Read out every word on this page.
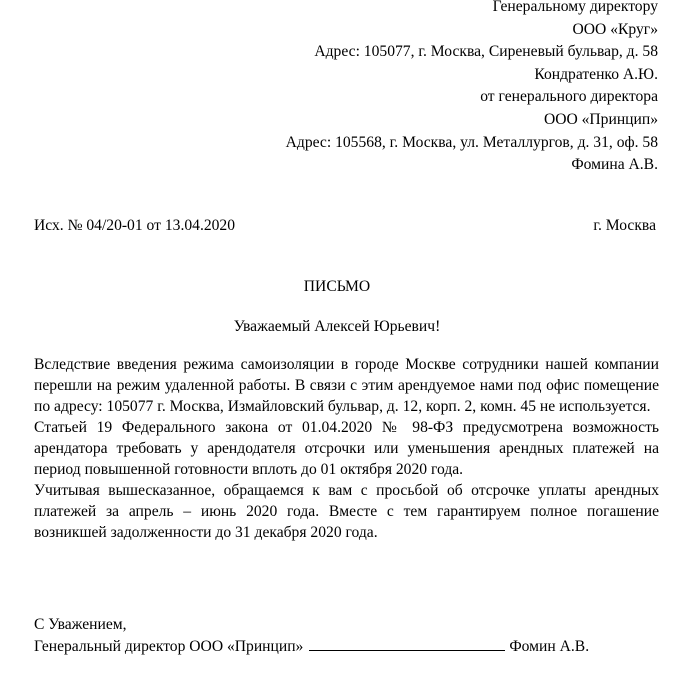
Генеральному директору
ООО «Круг»
Адрес: 105077, г. Москва, Сиреневый бульвар, д. 58
Кондратенко А.Ю.
от генерального директора
ООО «Принцип»
Адрес: 105568, г. Москва, ул. Металлургов, д. 31, оф. 58
Фомина А.В.
Исх. № 04/20-01 от 13.04.2020	г. Москва
ПИСЬМО
Уважаемый Алексей Юрьевич!

Вследствие введения режима самоизоляции в городе Москве сотрудники нашей компании перешли на режим удаленной работы. В связи с этим арендуемое нами под офис помещение по адресу: 105077 г. Москва, Измайловский бульвар, д. 12, корп. 2, комн. 45 не используется.

Статьей 19 Федерального закона от 01.04.2020 № 98-ФЗ предусмотрена возможность арендатора требовать у арендодателя отсрочки или уменьшения арендных платежей на период повышенной готовности вплоть до 01 октября 2020 года.

Учитывая вышесказанное, обращаемся к вам с просьбой об отсрочке уплаты арендных платежей за апрель – июнь 2020 года. Вместе с тем гарантируем полное погашение возникшей задолженности до 31 декабря 2020 года.

С Уважением,
Генеральный директор ООО «Принцип»	Фомин А.В.
